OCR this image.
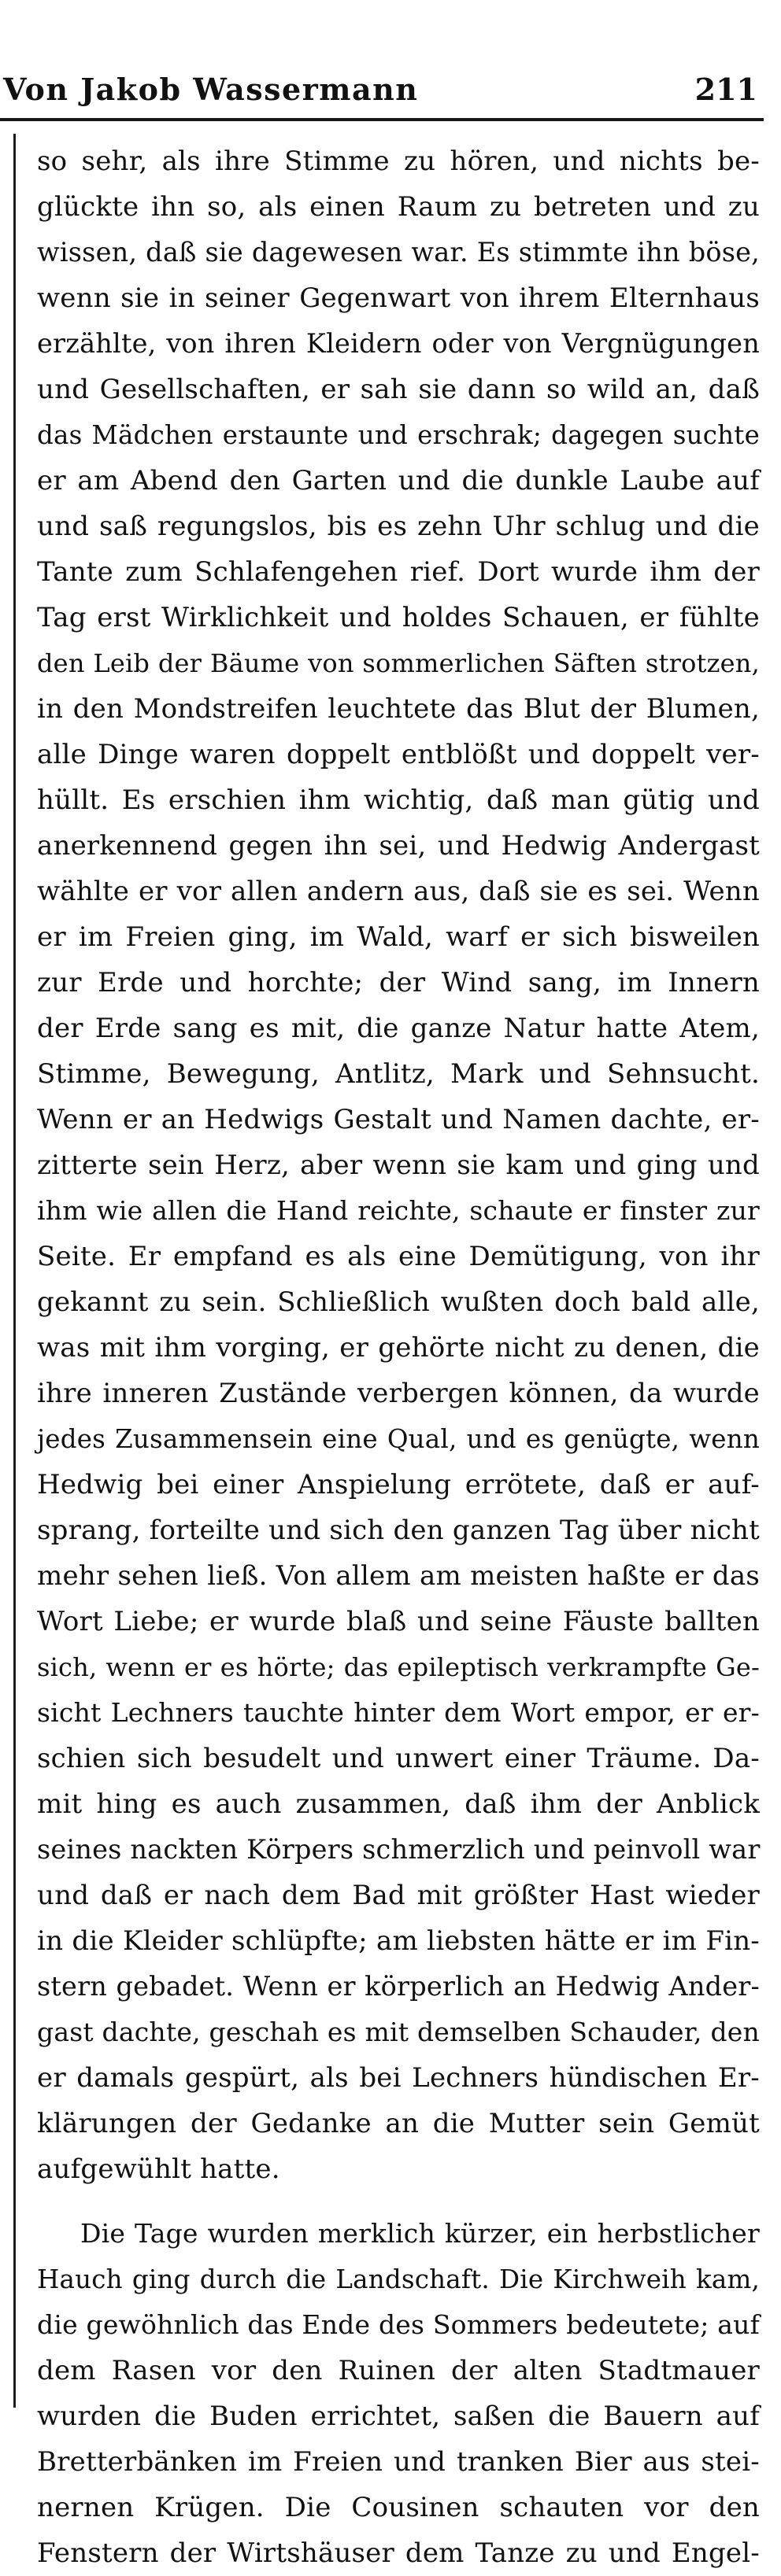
Von Jakob Wassermann	211
so sehr, als ihre Stimme zu hören, und nichts be-
glückte ihn so, als einen Raum zu betreten und zu
wissen, daß sie dagewesen war. Es stimmte ihn böse,
wenn sie in seiner Gegenwart von ihrem Elternhaus
erzählte, von ihren Kleidern oder von Vergnügungen
und Gesellschaften, er sah sie dann so wild an, daß
das Mädchen erstaunte und erschrak; dagegen suchte
er am Abend den Garten und die dunkle Laube auf
und saß regungslos, bis es zehn Uhr schlug und die
Tante zum Schlafengehen rief. Dort wurde ihm der
Tag erst Wirklichkeit und holdes Schauen, er fühlte
den Leib der Bäume von sommerlichen Säften strotzen,
in den Mondstreifen leuchtete das Blut der Blumen,
alle Dinge waren doppelt entblößt und doppelt ver-
hüllt. Es erschien ihm wichtig, daß man gütig und
anerkennend gegen ihn sei, und Hedwig Andergast
wählte er vor allen andern aus, daß sie es sei. Wenn
er im Freien ging, im Wald, warf er sich bisweilen
zur Erde und horchte; der Wind sang, im Innern
der Erde sang es mit, die ganze Natur hatte Atem,
Stimme, Bewegung, Antlitz, Mark und Sehnsucht.
Wenn er an Hedwigs Gestalt und Namen dachte, er-
zitterte sein Herz, aber wenn sie kam und ging und
ihm wie allen die Hand reichte, schaute er finster zur
Seite. Er empfand es als eine Demütigung, von ihr
gekannt zu sein. Schließlich wußten doch bald alle,
was mit ihm vorging, er gehörte nicht zu denen, die
ihre inneren Zustände verbergen können, da wurde
jedes Zusammensein eine Qual, und es genügte, wenn
Hedwig bei einer Anspielung errötete, daß er auf-
sprang, forteilte und sich den ganzen Tag über nicht
mehr sehen ließ. Von allem am meisten haßte er das
Wort Liebe; er wurde blaß und seine Fäuste ballten
sich, wenn er es hörte; das epileptisch verkrampfte Ge-
sicht Lechners tauchte hinter dem Wort empor, er er-
schien sich besudelt und unwert einer Träume. Da-
mit hing es auch zusammen, daß ihm der Anblick
seines nackten Körpers schmerzlich und peinvoll war
und daß er nach dem Bad mit größter Hast wieder
in die Kleider schlüpfte; am liebsten hätte er im Fin-
stern gebadet. Wenn er körperlich an Hedwig Ander-
gast dachte, geschah es mit demselben Schauder, den
er damals gespürt, als bei Lechners hündischen Er-
klärungen der Gedanke an die Mutter sein Gemüt
aufgewühlt hatte.
Die Tage wurden merklich kürzer, ein herbstlicher
Hauch ging durch die Landschaft. Die Kirchweih kam,
die gewöhnlich das Ende des Sommers bedeutete; auf
dem Rasen vor den Ruinen der alten Stadtmauer
wurden die Buden errichtet, saßen die Bauern auf
Bretterbänken im Freien und tranken Bier aus stei-
nernen Krügen. Die Cousinen schauten vor den
Fenstern der Wirtshäuser dem Tanze zu und Engel-
